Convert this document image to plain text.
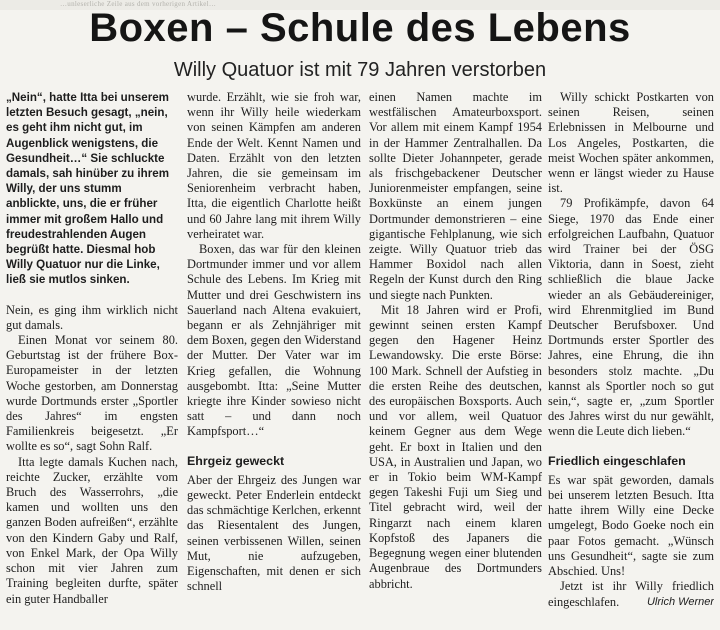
…unleserliche Zeile aus dem vorherigen Artikel…
Boxen – Schule des Lebens
Willy Quatuor ist mit 79 Jahren verstorben

„Nein“, hatte Itta bei unserem letzten Besuch gesagt, „nein, es geht ihm nicht gut, im Augenblick wenigstens, die Gesundheit…“ Sie schluckte damals, sah hinüber zu ihrem Willy, der uns stumm anblickte, uns, die er früher immer mit großem Hallo und freudestrahlenden Augen begrüßt hatte. Diesmal hob Willy Quatuor nur die Linke, ließ sie mutlos sinken.

Nein, es ging ihm wirklich nicht gut damals.

Einen Monat vor seinem 80. Geburtstag ist der frühere Box-Europameister in der letzten Woche gestorben, am Donnerstag wurde Dortmunds erster „Sportler des Jahres“ im engsten Familienkreis beigesetzt. „Er wollte es so“, sagt Sohn Ralf.

Itta legte damals Kuchen nach, reichte Zucker, erzählte vom Bruch des Wasserrohrs, „die kamen und wollten uns den ganzen Boden aufreißen“, erzählte von den Kindern Gaby und Ralf, von Enkel Mark, der Opa Willy schon mit vier Jahren zum Training begleiten durfte, später ein guter Handballer

wurde. Erzählt, wie sie froh war, wenn ihr Willy heile wiederkam von seinen Kämpfen am anderen Ende der Welt. Kennt Namen und Daten. Erzählt von den letzten Jahren, die sie gemeinsam im Seniorenheim verbracht haben, Itta, die eigentlich Charlotte heißt und 60 Jahre lang mit ihrem Willy verheiratet war.

Boxen, das war für den kleinen Dortmunder immer und vor allem Schule des Lebens. Im Krieg mit Mutter und drei Geschwistern ins Sauerland nach Altena evakuiert, begann er als Zehnjähriger mit dem Boxen, gegen den Widerstand der Mutter. Der Vater war im Krieg gefallen, die Wohnung ausgebombt. Itta: „Seine Mutter kriegte ihre Kinder sowieso nicht satt – und dann noch Kampfsport…“

Ehrgeiz geweckt

Aber der Ehrgeiz des Jungen war geweckt. Peter Enderlein entdeckt das schmächtige Kerlchen, erkennt das Riesentalent des Jungen, seinen verbissenen Willen, seinen Mut, nie aufzugeben, Eigenschaften, mit denen er sich schnell

einen Namen machte im westfälischen Amateurboxsport. Vor allem mit einem Kampf 1954 in der Hammer Zentralhallen. Da sollte Dieter Johannpeter, gerade als frischgebackener Deutscher Juniorenmeister empfangen, seine Boxkünste an einem jungen Dortmunder demonstrieren – eine gigantische Fehlplanung, wie sich zeigte. Willy Quatuor trieb das Hammer Boxidol nach allen Regeln der Kunst durch den Ring und siegte nach Punkten.

Mit 18 Jahren wird er Profi, gewinnt seinen ersten Kampf gegen den Hagener Heinz Lewandowsky. Die erste Börse: 100 Mark. Schnell der Aufstieg in die ersten Reihe des deutschen, des europäischen Boxsports. Auch und vor allem, weil Quatuor keinem Gegner aus dem Wege geht. Er boxt in Italien und den USA, in Australien und Japan, wo er in Tokio beim WM-Kampf gegen Takeshi Fuji um Sieg und Titel gebracht wird, weil der Ringarzt nach einem klaren Kopfstoß des Japaners die Begegnung wegen einer blutenden Augenbraue des Dortmunders abbricht.

Willy schickt Postkarten von seinen Reisen, seinen Erlebnissen in Melbourne und Los Angeles, Postkarten, die meist Wochen später ankommen, wenn er längst wieder zu Hause ist.

79 Profikämpfe, davon 64 Siege, 1970 das Ende einer erfolgreichen Laufbahn, Quatuor wird Trainer bei der ÖSG Viktoria, dann in Soest, zieht schließlich die blaue Jacke wieder an als Gebäudereiniger, wird Ehrenmitglied im Bund Deutscher Berufsboxer. Und Dortmunds erster Sportler des Jahres, eine Ehrung, die ihn besonders stolz machte. „Du kannst als Sportler noch so gut sein,“, sagte er, „zum Sportler des Jahres wirst du nur gewählt, wenn die Leute dich lieben.“

Friedlich eingeschlafen

Es war spät geworden, damals bei unserem letzten Besuch. Itta hatte ihrem Willy eine Decke umgelegt, Bodo Goeke noch ein paar Fotos gemacht. „Wünsch uns Gesundheit“, sagte sie zum Abschied. Uns!

Jetzt ist ihr Willy friedlich eingeschlafen.	Ulrich Werner
